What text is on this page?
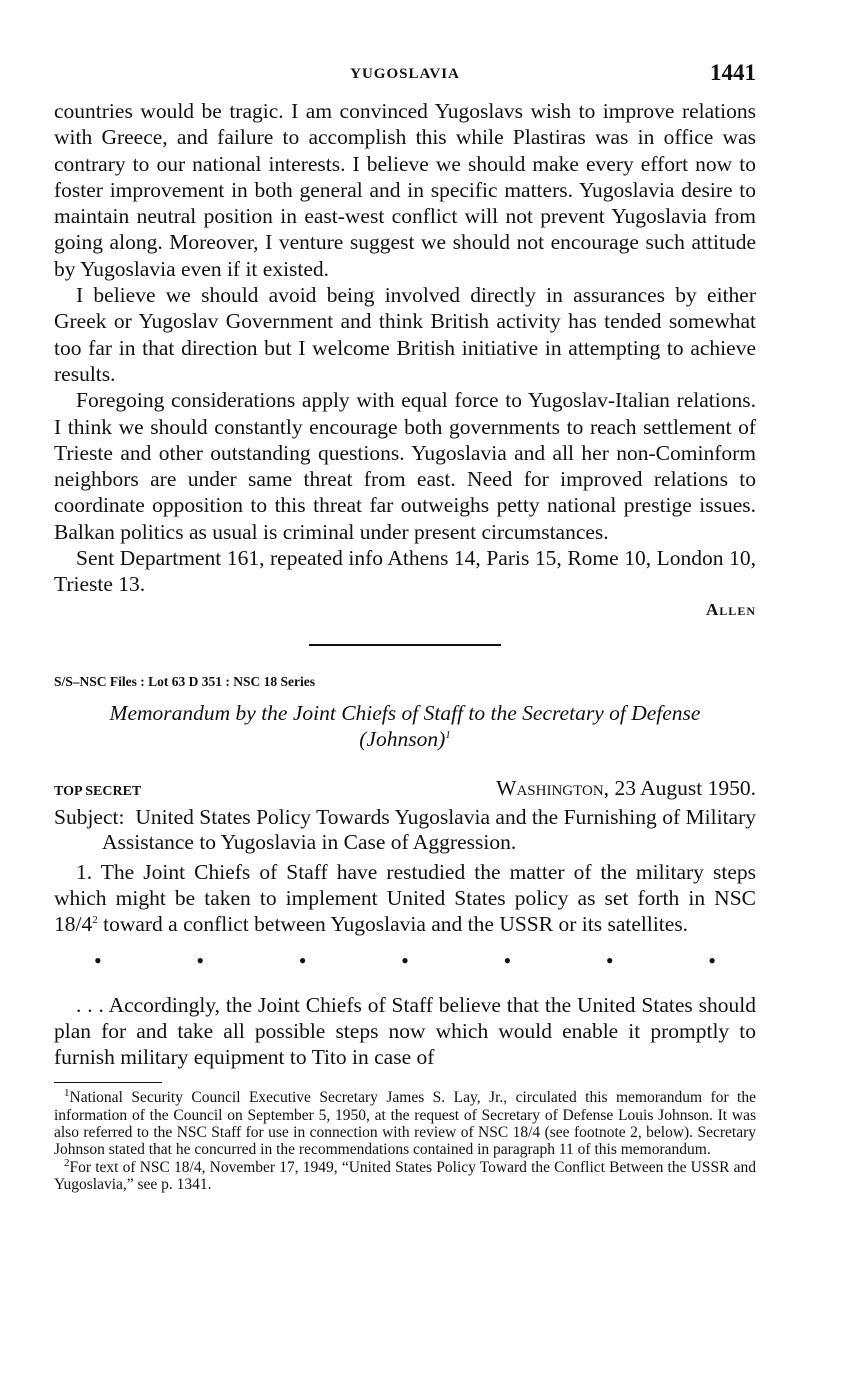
YUGOSLAVIA	1441

countries would be tragic. I am convinced Yugoslavs wish to improve relations with Greece, and failure to accomplish this while Plastiras was in office was contrary to our national interests. I believe we should make every effort now to foster improvement in both general and in specific matters. Yugoslavia desire to maintain neutral position in east-west conflict will not prevent Yugoslavia from going along. Moreover, I venture suggest we should not encourage such attitude by Yugoslavia even if it existed.

I believe we should avoid being involved directly in assurances by either Greek or Yugoslav Government and think British activity has tended somewhat too far in that direction but I welcome British initiative in attempting to achieve results.

Foregoing considerations apply with equal force to Yugoslav-Italian relations. I think we should constantly encourage both governments to reach settlement of Trieste and other outstanding questions. Yugoslavia and all her non-Cominform neighbors are under same threat from east. Need for improved relations to coordinate opposition to this threat far outweighs petty national prestige issues. Balkan politics as usual is criminal under present circumstances.

Sent Department 161, repeated info Athens 14, Paris 15, Rome 10, London 10, Trieste 13.

Allen
S/S–NSC Files : Lot 63 D 351 : NSC 18 Series
Memorandum by the Joint Chiefs of Staff to the Secretary of Defense
(Johnson)$^1$
TOP SECRET	Washington, 23 August 1950.
Subject: United States Policy Towards Yugoslavia and the Furnishing of Military Assistance to Yugoslavia in Case of Aggression.

1. The Joint Chiefs of Staff have restudied the matter of the military steps which might be taken to implement United States policy as set forth in NSC $18/4^2$ toward a conflict between Yugoslavia and the USSR or its satellites.

•	•	•	•	•	•	•

. . . Accordingly, the Joint Chiefs of Staff believe that the United States should plan for and take all possible steps now which would enable it promptly to furnish military equipment to Tito in case of

$^1$National Security Council Executive Secretary James S. Lay, Jr., circulated this memorandum for the information of the Council on September 5, 1950, at the request of Secretary of Defense Louis Johnson. It was also referred to the NSC Staff for use in connection with review of NSC 18/4 (see footnote 2, below). Secretary Johnson stated that he concurred in the recommendations contained in paragraph 11 of this memorandum.

$^2$For text of NSC 18/4, November 17, 1949, “United States Policy Toward the Conflict Between the USSR and Yugoslavia,” see p. 1341.
